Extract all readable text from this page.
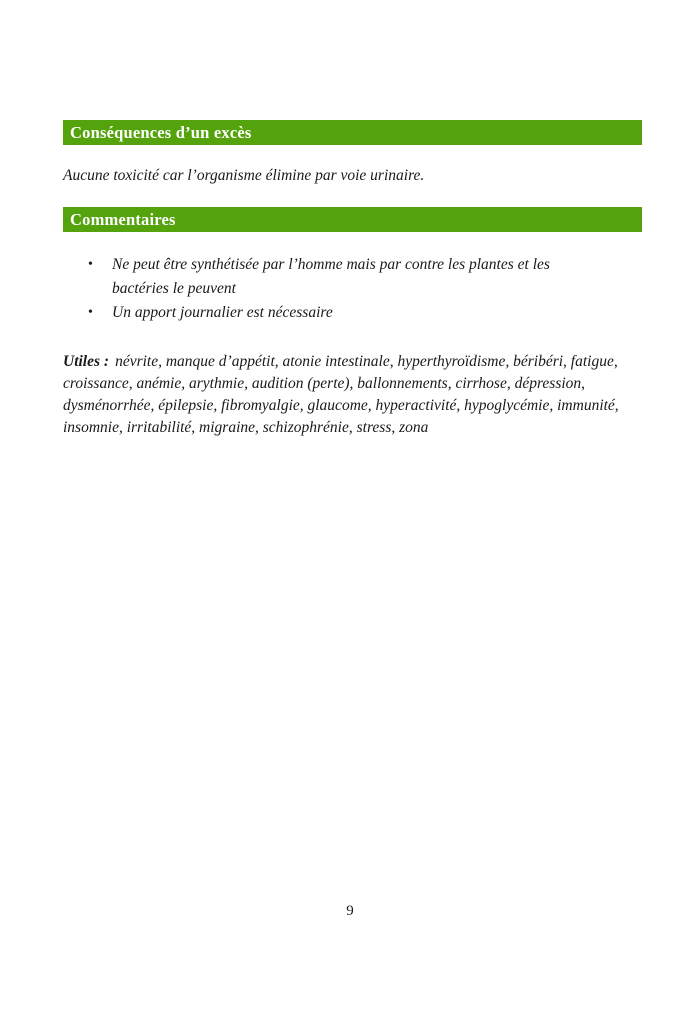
Conséquences d’un excès

Aucune toxicité car l’organisme élimine par voie urinaire.

Commentaires
•	Ne peut être synthétisée par l’homme mais par contre les plantes et les bactéries le peuvent
•	Un apport journalier est nécessaire

Utiles : névrite, manque d’appétit, atonie intestinale, hyperthyroïdisme, béribéri, fatigue, croissance, anémie, arythmie, audition (perte), ballonnements, cirrhose, dépression, dysménorrhée, épilepsie, fibromyalgie, glaucome, hyperactivité, hypoglycémie, immunité, insomnie, irritabilité, migraine, schizophrénie, stress, zona

9
